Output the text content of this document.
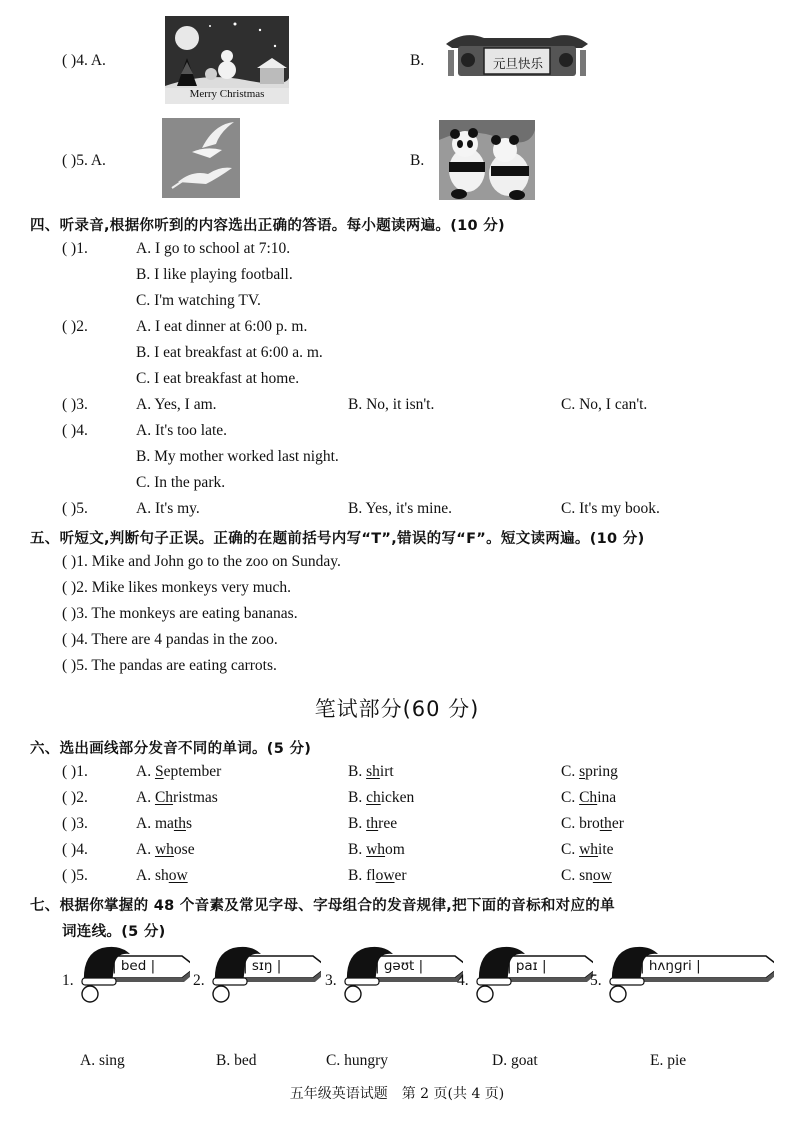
( )4. A.
Merry Christmas
B.	元旦快乐
HAPPY NEW YEAR
( )5. A.	B.
四、听录音,根据你听到的内容选出正确的答语。每小题读两遍。(10 分)
( )1.	A. I go to school at 7:10.
B. I like playing football.
C. I'm watching TV.
( )2.	A. I eat dinner at 6:00 p. m.
B. I eat breakfast at 6:00 a. m.
C. I eat breakfast at home.
( )3.	A. Yes, I am.	B. No, it isn't.	C. No, I can't.
( )4.	A. It's too late.
B. My mother worked last night.
C. In the park.
( )5.	A. It's my.	B. Yes, it's mine.	C. It's my book.
五、听短文,判断句子正误。正确的在题前括号内写“T”,错误的写“F”。短文读两遍。(10 分)
( )1. Mike and John go to the zoo on Sunday.
( )2. Mike likes monkeys very much.
( )3. The monkeys are eating bananas.
( )4. There are 4 pandas in the zoo.
( )5. The pandas are eating carrots.
笔试部分(60 分)
六、选出画线部分发音不同的单词。(5 分)
( )1.	A. September	B. shirt	C. spring
( )2.	A. Christmas	B. chicken	C. China
( )3.	A. maths	B. three	C. brother
( )4.	A. whose	B. whom	C. white
( )5.	A. show	B. flower	C. snow
七、根据你掌握的 48 个音素及常见字母、字母组合的发音规律,把下面的音标和对应的单
词连线。(5 分)
1.
| bed |
2.
| sɪŋ |
3.
| ɡəʊt |
4.
| paɪ |
5.
| hʌŋɡri |
A. sing	B. bed	C. hungry	D. goat	E. pie
五年级英语试题　第 2 页(共 4 页)
